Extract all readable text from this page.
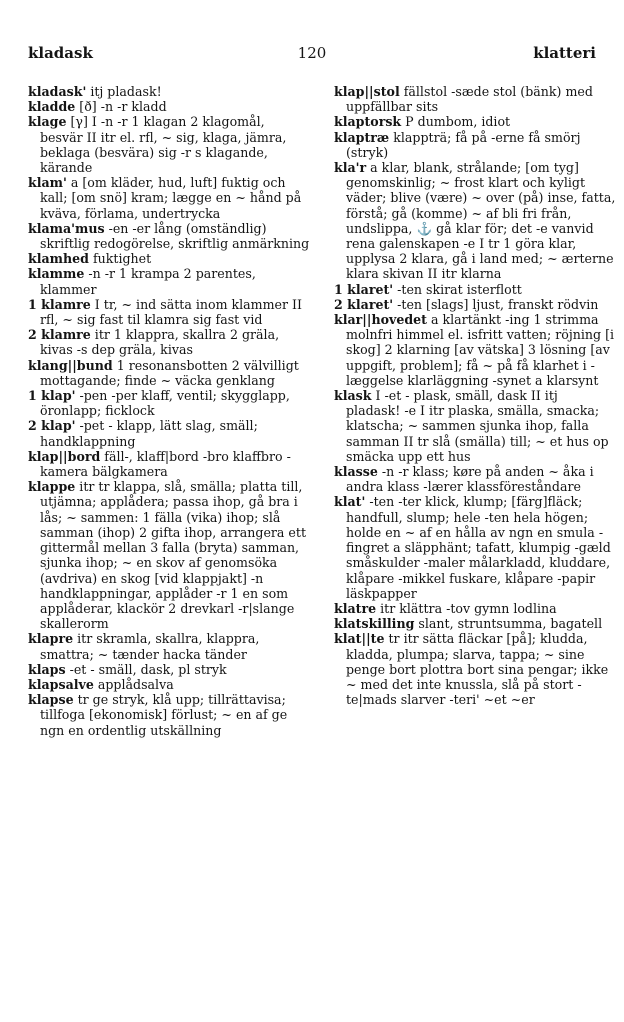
120
kladask	klatteri

kladask' itj pladask!

kladde [ð] -n -r kladd

klage [γ] I -n -r 1 klagan 2 klagomål, besvär II itr el. rfl, ~ sig, klaga, jämra, beklaga (besvära) sig -r s klagande, kärande

klam' a [om kläder, hud, luft] fuktig och kall; [om snö] kram; lægge en ~ hånd på kväva, förlama, undertrycka

klama'mus -en -er lång (omständlig) skriftlig redogörelse, skriftlig anmärkning

klamhed fuktighet

klamme -n -r 1 krampa 2 parentes, klammer

1 klamre I tr, ~ ind sätta inom klammer II rfl, ~ sig fast til klamra sig fast vid

2 klamre itr 1 klappra, skallra 2 gräla, kivas -s dep gräla, kivas

klang||bund 1 resonansbotten 2 välvilligt mottagande; finde ~ väcka genklang

1 klap' -pen -per klaff, ventil; skygglapp, öronlapp; ficklock

2 klap' -pet - klapp, lätt slag, smäll; handklappning

klap||bord fäll-, klaff|bord -bro klaffbro -kamera bälgkamera

klappe itr tr klappa, slå, smälla; platta till, utjämna; applådera; passa ihop, gå bra i lås; ~ sammen: 1 fälla (vika) ihop; slå samman (ihop) 2 gifta ihop, arrangera ett gittermål mellan 3 falla (bryta) samman, sjunka ihop; ~ en skov af genomsöka (avdriva) en skog [vid klappjakt] -n handklappningar, applåder -r 1 en som applåderar, klackör 2 drevkarl -r|slange skallerorm

klapre itr skramla, skallra, klappra, smattra; ~ tænder hacka tänder

klaps -et - smäll, dask, pl stryk

klapsalve applådsalva

klapse tr ge stryk, klå upp; tillrättavisa; tillfoga [ekonomisk] förlust; ~ en af ge ngn en ordentlig utskällning

klap||stol fällstol -sæde stol (bänk) med uppfällbar sits

klaptorsk P dumbom, idiot

klaptræ klappträ; få på -erne få smörj (stryk)

kla'r a klar, blank, strålande; [om tyg] genomskinlig; ~ frost klart och kyligt väder; blive (være) ~ over (på) inse, fatta, förstå; gå (komme) ~ af bli fri från, undslippa, ⚓ gå klar för; det -e vanvid rena galenskapen -e I tr 1 göra klar, upplysa 2 klara, gå i land med; ~ ærterne klara skivan II itr klarna

1 klaret' -ten skirat isterflott

2 klaret' -ten [slags] ljust, franskt rödvin

klar||hovedet a klartänkt -ing 1 strimma molnfri himmel el. isfritt vatten; röjning [i skog] 2 klarning [av vätska] 3 lösning [av uppgift, problem]; få ~ på få klarhet i -læggelse klarläggning -synet a klarsynt

klask I -et - plask, smäll, dask II itj pladask! -e I itr plaska, smälla, smacka; klatscha; ~ sammen sjunka ihop, falla samman II tr slå (smälla) till; ~ et hus op smäcka upp ett hus

klasse -n -r klass; køre på anden ~ åka i andra klass -lærer klassföreståndare

klat' -ten -ter klick, klump; [färg]fläck; handfull, slump; hele -ten hela högen; holde en ~ af en hålla av ngn en smula -fingret a släpphänt; tafatt, klumpig -gæld småskulder -maler målarkladd, kluddare, klåpare -mikkel fuskare, klåpare -papir läskpapper

klatre itr klättra -tov gymn lodlina

klatskilling slant, struntsumma, bagatell

klat||te tr itr sätta fläckar [på]; kludda, kladda, plumpa; slarva, tappa; ~ sine penge bort plottra bort sina pengar; ikke ~ med det inte knussla, slå på stort -te|mads slarver -teri' ~et ~er
